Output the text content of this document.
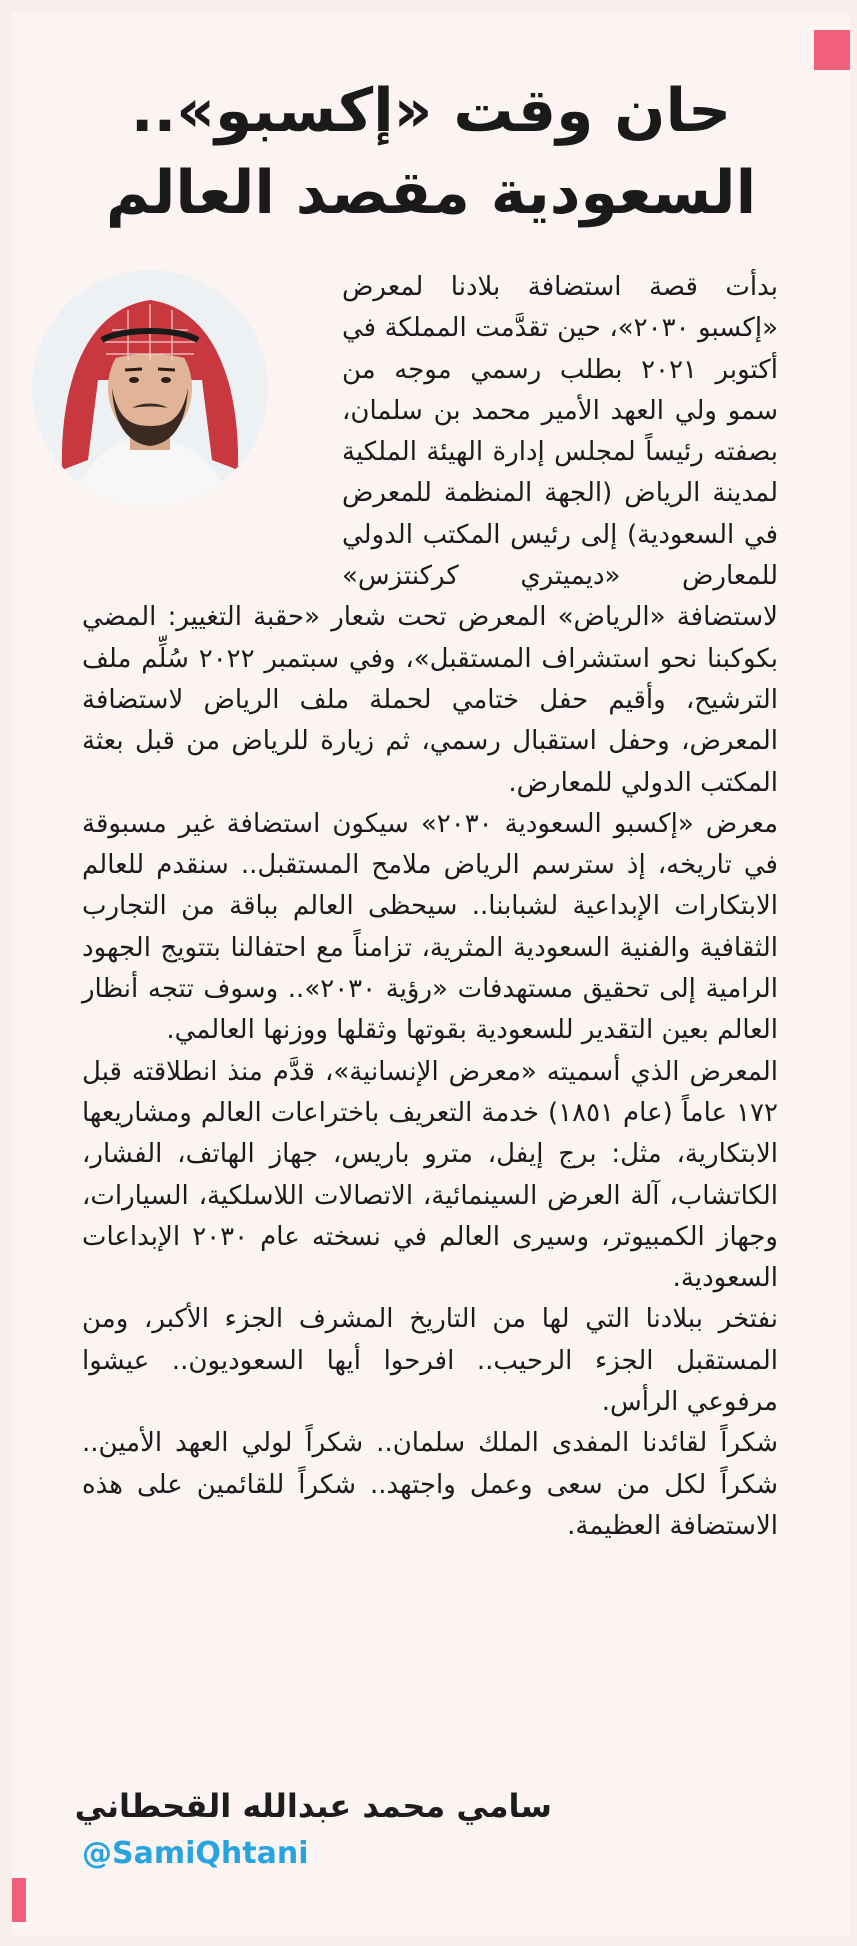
حان وقت «إكسبو»..
السعودية مقصد العالم

بدأت قصة استضافة بلادنا لمعرض «إكسبو ٢٠٣٠»، حين تقدَّمت المملكة في أكتوبر ٢٠٢١ بطلب رسمي موجه من سمو ولي العهد الأمير محمد بن سلمان، بصفته رئيساً لمجلس إدارة الهيئة الملكية لمدينة الرياض (الجهة المنظمة للمعرض في السعودية) إلى رئيس المكتب الدولي للمعارض «ديميتري كركنتزس» لاستضافة «الرياض» المعرض تحت شعار «حقبة التغيير: المضي بكوكبنا نحو استشراف المستقبل»، وفي سبتمبر ٢٠٢٢ سُلِّم ملف الترشيح، وأقيم حفل ختامي لحملة ملف الرياض لاستضافة المعرض، وحفل استقبال رسمي، ثم زيارة للرياض من قبل بعثة المكتب الدولي للمعارض.

معرض «إكسبو السعودية ٢٠٣٠» سيكون استضافة غير مسبوقة في تاريخه، إذ سترسم الرياض ملامح المستقبل.. سنقدم للعالم الابتكارات الإبداعية لشبابنا.. سيحظى العالم بباقة من التجارب الثقافية والفنية السعودية المثرية، تزامناً مع احتفالنا بتتويج الجهود الرامية إلى تحقيق مستهدفات «رؤية ٢٠٣٠».. وسوف تتجه أنظار العالم بعين التقدير للسعودية بقوتها وثقلها ووزنها العالمي.

المعرض الذي أسميته «معرض الإنسانية»، قدَّم منذ انطلاقته قبل ١٧٢ عاماً (عام ١٨٥١) خدمة التعريف باختراعات العالم ومشاريعها الابتكارية، مثل: برج إيفل، مترو باريس، جهاز الهاتف، الفشار، الكاتشاب، آلة العرض السينمائية، الاتصالات اللاسلكية، السيارات، وجهاز الكمبيوتر، وسيرى العالم في نسخته عام ٢٠٣٠ الإبداعات السعودية.

نفتخر ببلادنا التي لها من التاريخ المشرف الجزء الأكبر، ومن المستقبل الجزء الرحيب.. افرحوا أيها السعوديون.. عيشوا مرفوعي الرأس.

شكراً لقائدنا المفدى الملك سلمان.. شكراً لولي العهد الأمين.. شكراً لكل من سعى وعمل واجتهد.. شكراً للقائمين على هذه الاستضافة العظيمة.

سامي محمد عبدالله القحطاني
@SamiQhtani
